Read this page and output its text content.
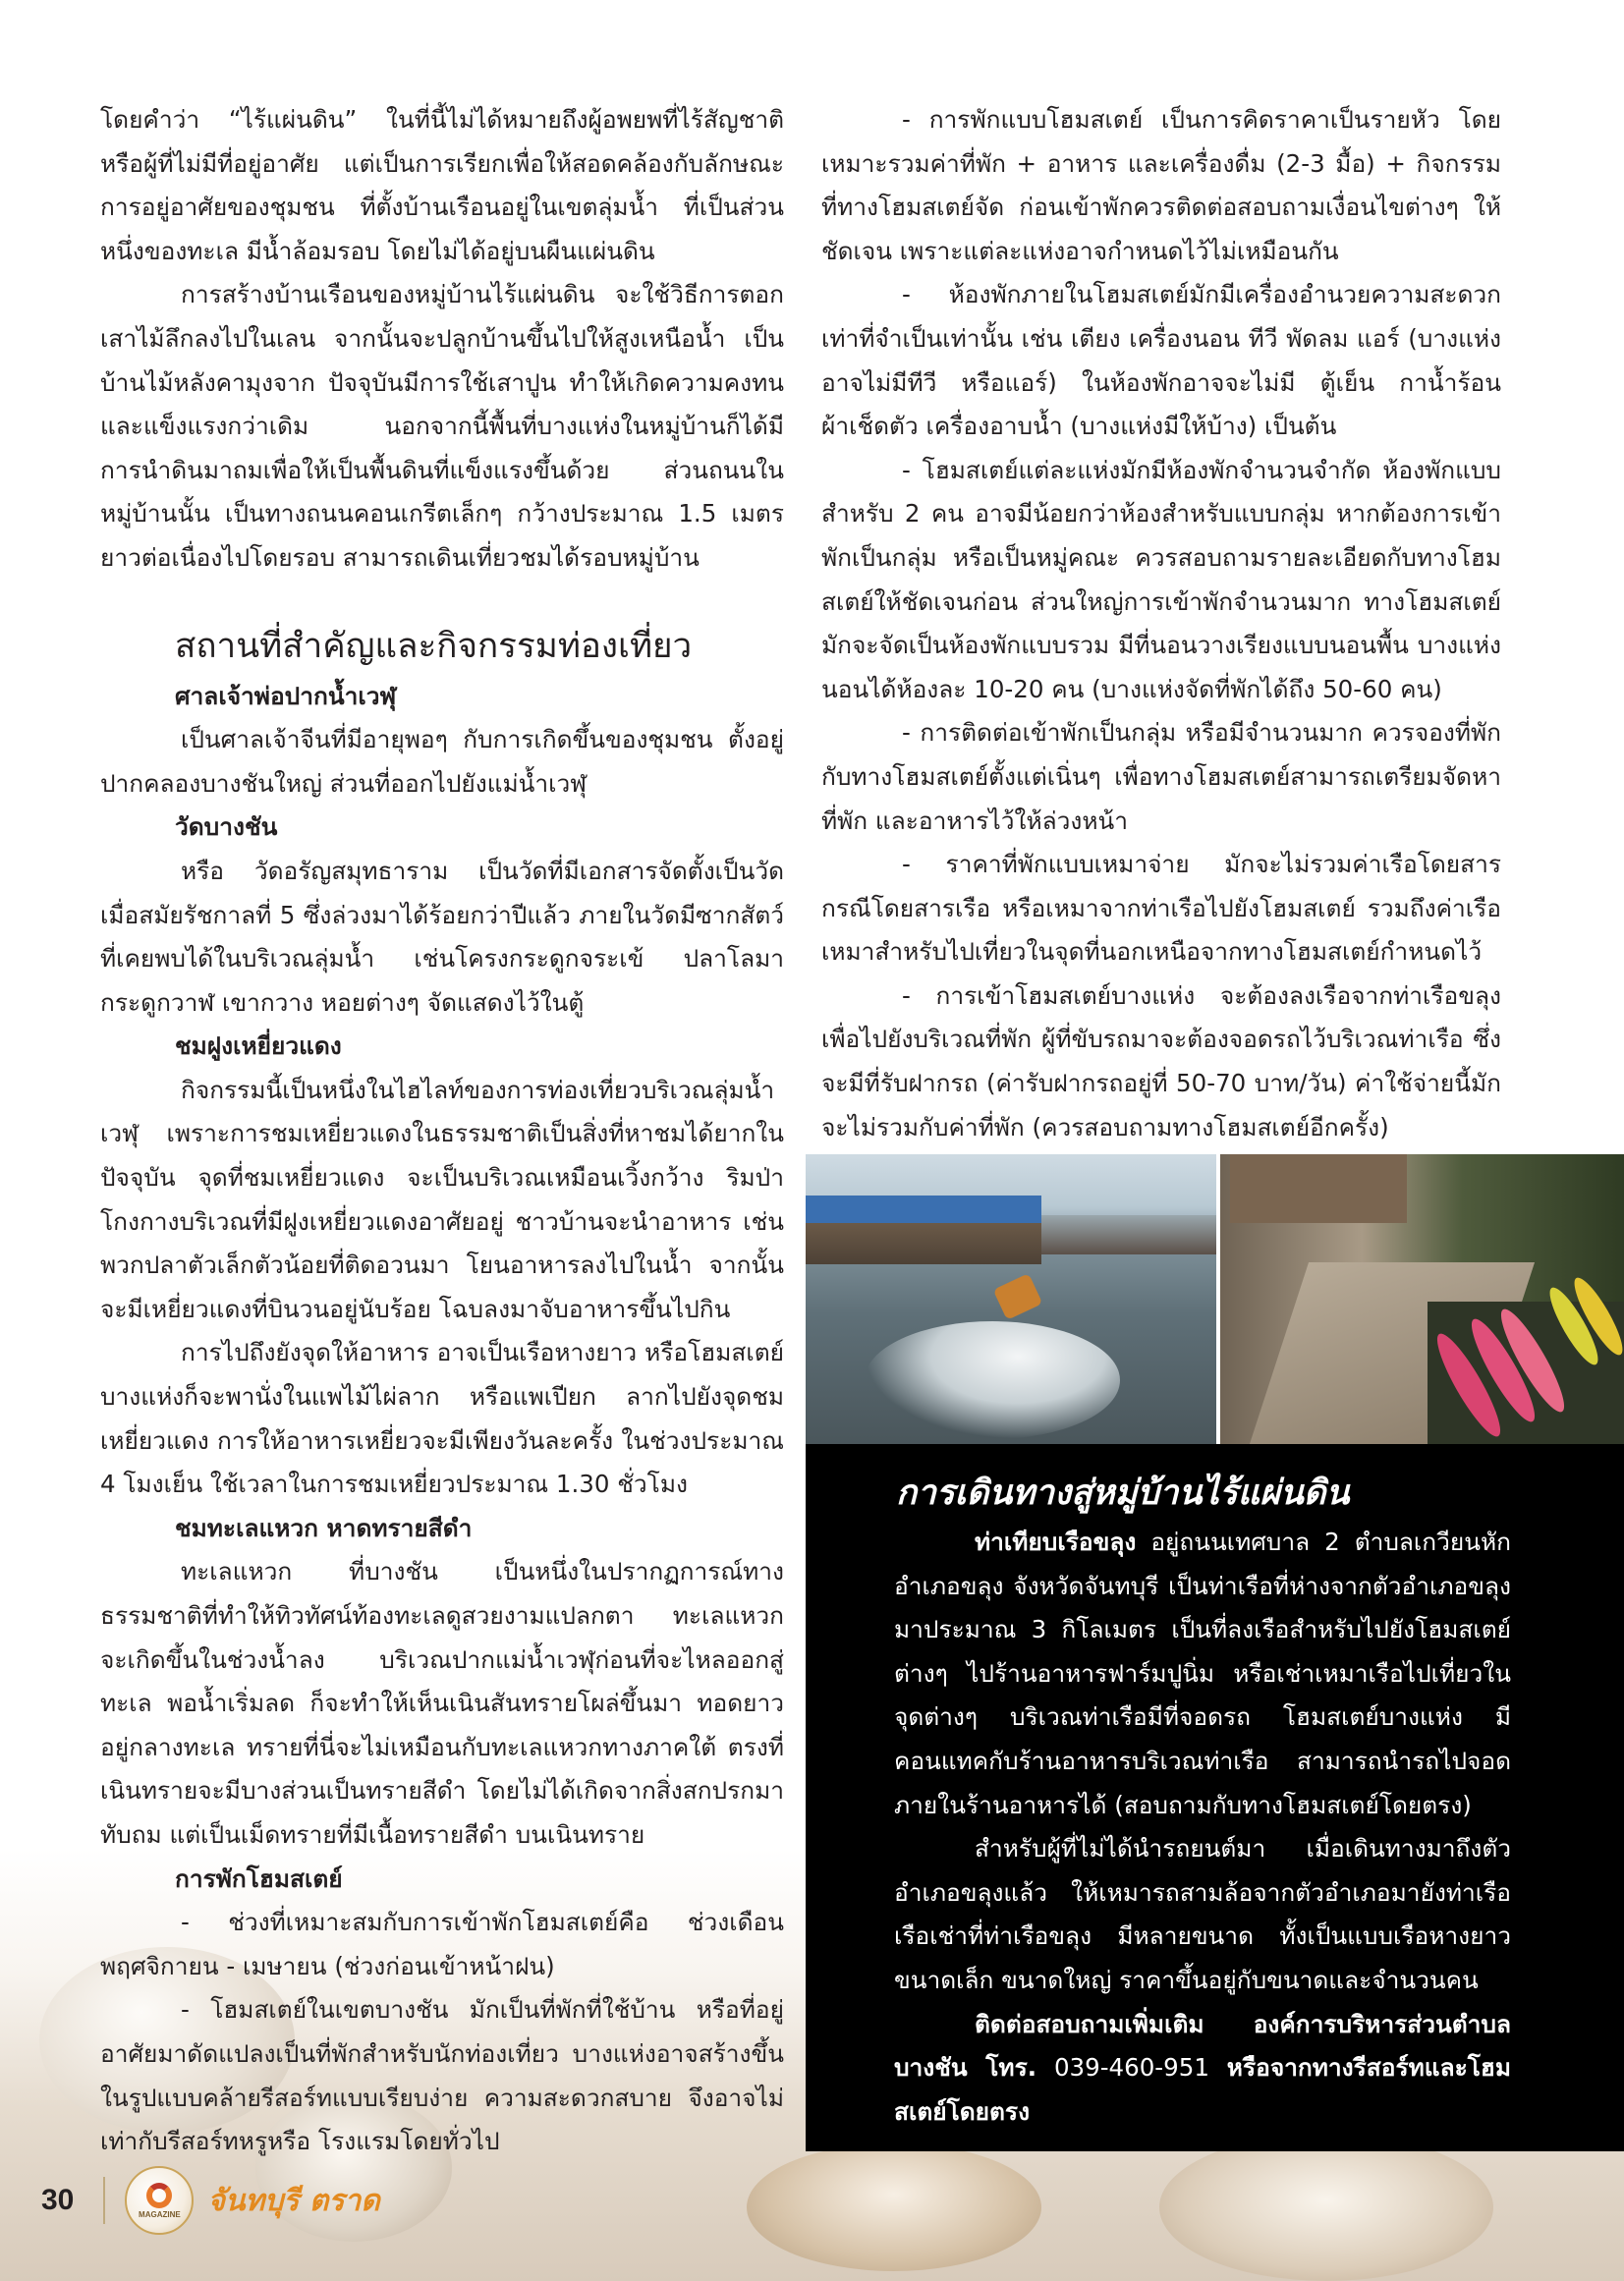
โดยคำว่า “ไร้แผ่นดิน” ในที่นี้ไม่ได้หมายถึงผู้อพยพที่ไร้สัญชาติ หรือผู้ที่ไม่มีที่อยู่อาศัย แต่เป็นการเรียกเพื่อให้สอดคล้องกับลักษณะการอยู่อาศัยของชุมชน ที่ตั้งบ้านเรือนอยู่ในเขตลุ่มน้ำ ที่เป็นส่วนหนึ่งของทะเล มีน้ำล้อมรอบ โดยไม่ได้อยู่บนผืนแผ่นดิน

การสร้างบ้านเรือนของหมู่บ้านไร้แผ่นดิน จะใช้วิธีการตอกเสาไม้ลึกลงไปในเลน จากนั้นจะปลูกบ้านขึ้นไปให้สูงเหนือน้ำ เป็นบ้านไม้หลังคามุงจาก ปัจจุบันมีการใช้เสาปูน ทำให้เกิดความคงทน และแข็งแรงกว่าเดิม นอกจากนี้พื้นที่บางแห่งในหมู่บ้านก็ได้มีการนำดินมาถมเพื่อให้เป็นพื้นดินที่แข็งแรงขึ้นด้วย ส่วนถนนในหมู่บ้านนั้น เป็นทางถนนคอนเกรีตเล็กๆ กว้างประมาณ 1.5 เมตร ยาวต่อเนื่องไปโดยรอบ สามารถเดินเที่ยวชมได้รอบหมู่บ้าน

สถานที่สำคัญและกิจกรรมท่องเที่ยว
ศาลเจ้าพ่อปากน้ำเวฬุ

เป็นศาลเจ้าจีนที่มีอายุพอๆ กับการเกิดขึ้นของชุมชน ตั้งอยู่ปากคลองบางชันใหญ่ ส่วนที่ออกไปยังแม่น้ำเวฬุ

วัดบางชัน

หรือ วัดอรัญสมุทธาราม เป็นวัดที่มีเอกสารจัดตั้งเป็นวัด เมื่อสมัยรัชกาลที่ 5 ซึ่งล่วงมาได้ร้อยกว่าปีแล้ว ภายในวัดมีซากสัตว์ที่เคยพบได้ในบริเวณลุ่มน้ำ เช่นโครงกระดูกจระเข้ ปลาโลมา กระดูกวาฬ เขากวาง หอยต่างๆ จัดแสดงไว้ในตู้

ชมฝูงเหยี่ยวแดง

กิจกรรมนี้เป็นหนึ่งในไฮไลท์ของการท่องเที่ยวบริเวณลุ่มน้ำเวฬุ เพราะการชมเหยี่ยวแดงในธรรมชาติเป็นสิ่งที่หาชมได้ยากในปัจจุบัน จุดที่ชมเหยี่ยวแดง จะเป็นบริเวณเหมือนเวิ้งกว้าง ริมป่าโกงกางบริเวณที่มีฝูงเหยี่ยวแดงอาศัยอยู่ ชาวบ้านจะนำอาหาร เช่น พวกปลาตัวเล็กตัวน้อยที่ติดอวนมา โยนอาหารลงไปในน้ำ จากนั้นจะมีเหยี่ยวแดงที่บินวนอยู่นับร้อย โฉบลงมาจับอาหารขึ้นไปกิน

การไปถึงยังจุดให้อาหาร อาจเป็นเรือหางยาว หรือโฮมสเตย์บางแห่งก็จะพานั่งในแพไม้ไผ่ลาก หรือแพเปียก ลากไปยังจุดชมเหยี่ยวแดง การให้อาหารเหยี่ยวจะมีเพียงวันละครั้ง ในช่วงประมาณ 4 โมงเย็น ใช้เวลาในการชมเหยี่ยวประมาณ 1.30 ชั่วโมง

ชมทะเลแหวก หาดทรายสีดำ

ทะเลแหวก ที่บางชัน เป็นหนึ่งในปรากฏการณ์ทางธรรมชาติที่ทำให้ทิวทัศน์ท้องทะเลดูสวยงามแปลกตา ทะเลแหวก จะเกิดขึ้นในช่วงน้ำลง บริเวณปากแม่น้ำเวฬุก่อนที่จะไหลออกสู่ทะเล พอน้ำเริ่มลด ก็จะทำให้เห็นเนินสันทรายโผล่ขึ้นมา ทอดยาวอยู่กลางทะเล ทรายที่นี่จะไม่เหมือนกับทะเลแหวกทางภาคใต้ ตรงที่เนินทรายจะมีบางส่วนเป็นทรายสีดำ โดยไม่ได้เกิดจากสิ่งสกปรกมาทับถม แต่เป็นเม็ดทรายที่มีเนื้อทรายสีดำ บนเนินทราย

การพักโฮมสเตย์

- ช่วงที่เหมาะสมกับการเข้าพักโฮมสเตย์คือ ช่วงเดือนพฤศจิกายน - เมษายน (ช่วงก่อนเข้าหน้าฝน)

- โฮมสเตย์ในเขตบางชัน มักเป็นที่พักที่ใช้บ้าน หรือที่อยู่อาศัยมาดัดแปลงเป็นที่พักสำหรับนักท่องเที่ยว บางแห่งอาจสร้างขึ้นในรูปแบบคล้ายรีสอร์ทแบบเรียบง่าย ความสะดวกสบาย จึงอาจไม่เท่ากับรีสอร์ทหรูหรือ โรงแรมโดยทั่วไป

- การพักแบบโฮมสเตย์ เป็นการคิดราคาเป็นรายหัว โดยเหมาะรวมค่าที่พัก + อาหาร และเครื่องดื่ม (2-3 มื้อ) + กิจกรรมที่ทางโฮมสเตย์จัด ก่อนเข้าพักควรติดต่อสอบถามเงื่อนไขต่างๆ ให้ชัดเจน เพราะแต่ละแห่งอาจกำหนดไว้ไม่เหมือนกัน

- ห้องพักภายในโฮมสเตย์มักมีเครื่องอำนวยความสะดวกเท่าที่จำเป็นเท่านั้น เช่น เตียง เครื่องนอน ทีวี พัดลม แอร์ (บางแห่งอาจไม่มีทีวี หรือแอร์) ในห้องพักอาจจะไม่มี ตู้เย็น กาน้ำร้อน ผ้าเช็ดตัว เครื่องอาบน้ำ (บางแห่งมีให้บ้าง) เป็นต้น

- โฮมสเตย์แต่ละแห่งมักมีห้องพักจำนวนจำกัด ห้องพักแบบสำหรับ 2 คน อาจมีน้อยกว่าห้องสำหรับแบบกลุ่ม หากต้องการเข้าพักเป็นกลุ่ม หรือเป็นหมู่คณะ ควรสอบถามรายละเอียดกับทางโฮมสเตย์ให้ชัดเจนก่อน ส่วนใหญ่การเข้าพักจำนวนมาก ทางโฮมสเตย์มักจะจัดเป็นห้องพักแบบรวม มีที่นอนวางเรียงแบบนอนพื้น บางแห่งนอนได้ห้องละ 10-20 คน (บางแห่งจัดที่พักได้ถึง 50-60 คน)

- การติดต่อเข้าพักเป็นกลุ่ม หรือมีจำนวนมาก ควรจองที่พักกับทางโฮมสเตย์ตั้งแต่เนิ่นๆ เพื่อทางโฮมสเตย์สามารถเตรียมจัดหาที่พัก และอาหารไว้ให้ล่วงหน้า

- ราคาที่พักแบบเหมาจ่าย มักจะไม่รวมค่าเรือโดยสาร กรณีโดยสารเรือ หรือเหมาจากท่าเรือไปยังโฮมสเตย์ รวมถึงค่าเรือเหมาสำหรับไปเที่ยวในจุดที่นอกเหนือจากทางโฮมสเตย์กำหนดไว้

- การเข้าโฮมสเตย์บางแห่ง จะต้องลงเรือจากท่าเรือขลุง เพื่อไปยังบริเวณที่พัก ผู้ที่ขับรถมาจะต้องจอดรถไว้บริเวณท่าเรือ ซึ่งจะมีที่รับฝากรถ (ค่ารับฝากรถอยู่ที่ 50-70 บาท/วัน) ค่าใช้จ่ายนี้มักจะไม่รวมกับค่าที่พัก (ควรสอบถามทางโฮมสเตย์อีกครั้ง)

การเดินทางสู่หมู่บ้านไร้แผ่นดิน

ท่าเทียบเรือขลุง อยู่ถนนเทศบาล 2 ตำบลเกวียนหัก อำเภอขลุง จังหวัดจันทบุรี เป็นท่าเรือที่ห่างจากตัวอำเภอขลุงมาประมาณ 3 กิโลเมตร เป็นที่ลงเรือสำหรับไปยังโฮมสเตย์ต่างๆ ไปร้านอาหารฟาร์มปูนิ่ม หรือเช่าเหมาเรือไปเที่ยวในจุดต่างๆ บริเวณท่าเรือมีที่จอดรถ โฮมสเตย์บางแห่ง มีคอนแทคกับร้านอาหารบริเวณท่าเรือ สามารถนำรถไปจอดภายในร้านอาหารได้ (สอบถามกับทางโฮมสเตย์โดยตรง)

สำหรับผู้ที่ไม่ได้นำรถยนต์มา เมื่อเดินทางมาถึงตัวอำเภอขลุงแล้ว ให้เหมารถสามล้อจากตัวอำเภอมายังท่าเรือเรือเช่าที่ท่าเรือขลุง มีหลายขนาด ทั้งเป็นแบบเรือหางยาว ขนาดเล็ก ขนาดใหญ่ ราคาขึ้นอยู่กับขนาดและจำนวนคน

ติดต่อสอบถามเพิ่มเติม องค์การบริหารส่วนตำบลบางชัน โทร. 039-460-951 หรือจากทางรีสอร์ทและโฮมสเตย์โดยตรง

30	MAGAZINE จันทบุรี ตราด
